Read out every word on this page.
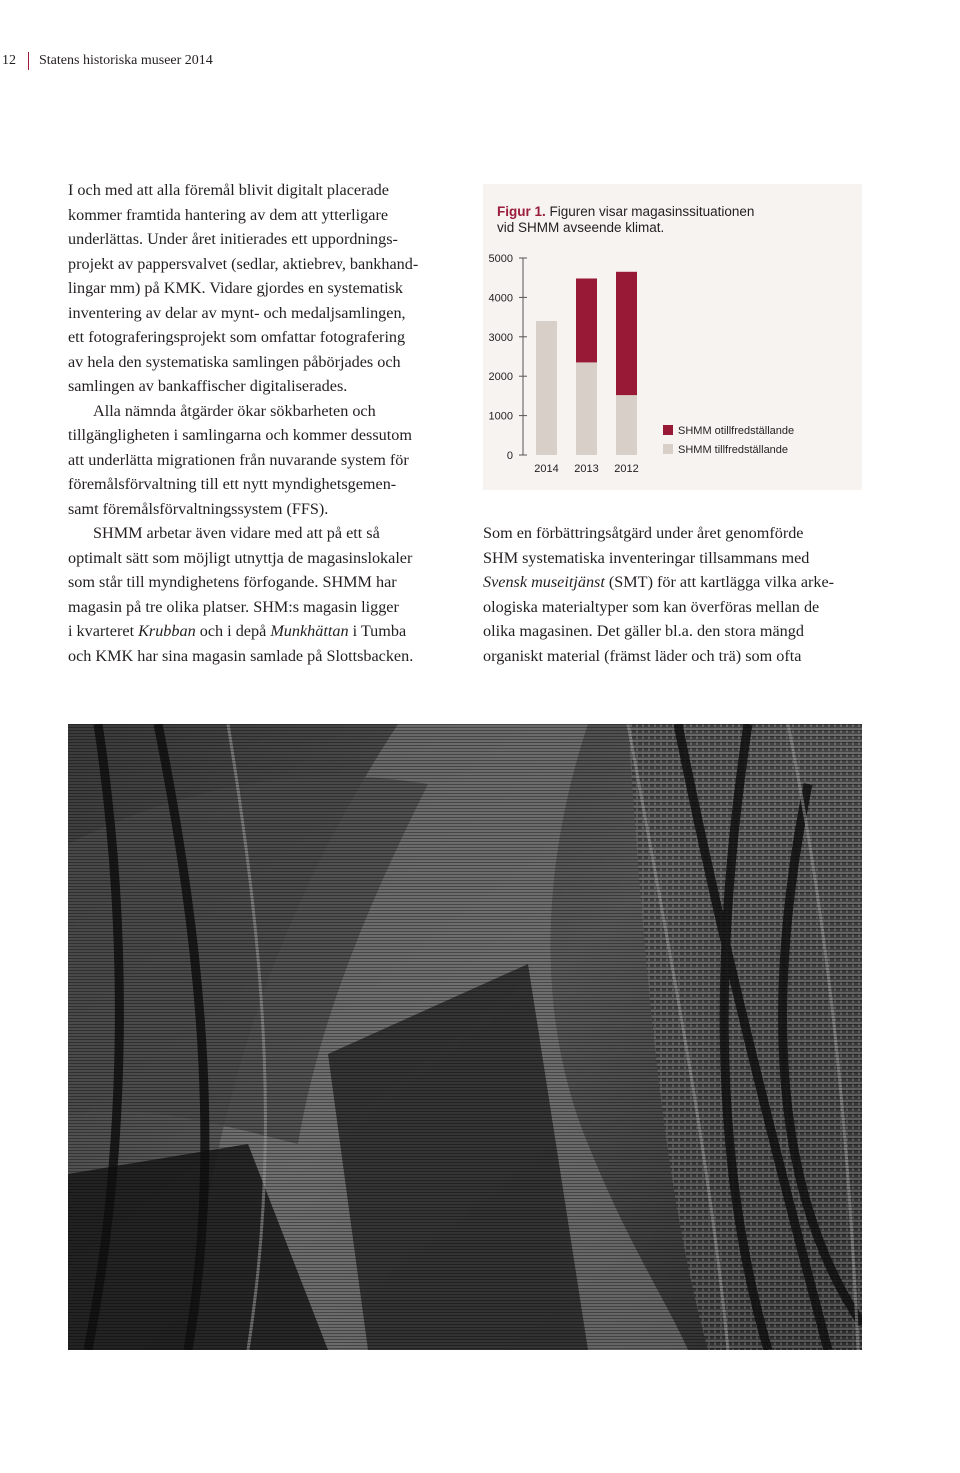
12	Statens historiska museer 2014

I och med att alla föremål blivit digitalt placerade
kommer framtida hantering av dem att ytterligare
underlättas. Under året initierades ett uppordnings-
projekt av pappersvalvet (sedlar, aktiebrev, bankhand-
lingar mm) på KMK. Vidare gjordes en systematisk
inventering av delar av mynt- och medaljsamlingen,
ett fotograferingsprojekt som omfattar fotografering
av hela den systematiska samlingen påbörjades och
samlingen av bankaffischer digitaliserades.

Alla nämnda åtgärder ökar sökbarheten och
tillgängligheten i samlingarna och kommer dessutom
att underlätta migrationen från nuvarande system för
föremålsförvaltning till ett nytt myndighetsgemen-
samt föremålsförvaltningssystem (FFS).

SHMM arbetar även vidare med att på ett så
optimalt sätt som möjligt utnyttja de magasinslokaler
som står till myndighetens förfogande. SHMM har
magasin på tre olika platser. SHM:s magasin ligger
i kvarteret Krubban och i depå Munkhättan i Tumba
och KMK har sina magasin samlade på Slottsbacken.

Figur 1. Figuren visar magasinssituationen
vid SHMM avseende klimat.
0
1000
2000
3000
4000
5000
2014 2013 2012
SHMM otillfredställande
SHMM tillfredställande

Som en förbättringsåtgärd under året genomförde
SHM systematiska inventeringar tillsammans med
Svensk museitjänst (SMT) för att kartlägga vilka arke-
ologiska materialtyper som kan överföras mellan de
olika magasinen. Det gäller bl.a. den stora mängd
organiskt material (främst läder och trä) som ofta
